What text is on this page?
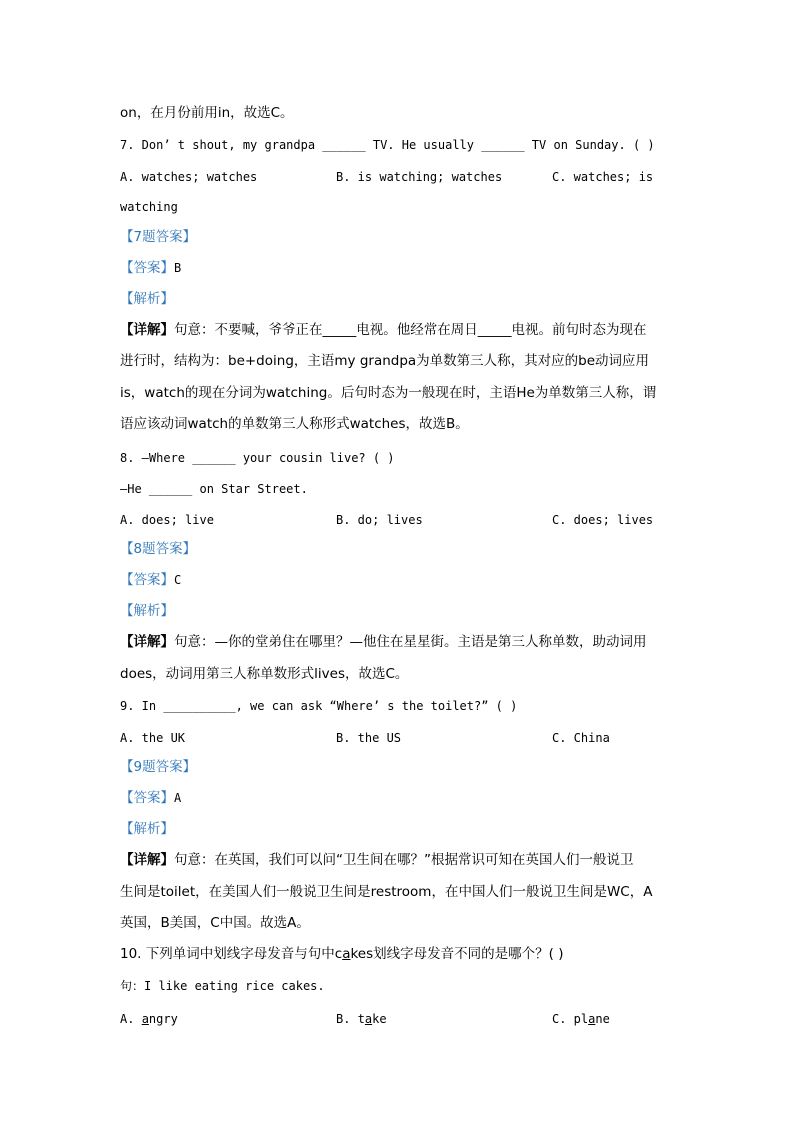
on，在月份前用in，故选C。
7. Don’ t shout, my grandpa ______ TV. He usually ______ TV on Sunday. ( )
A. watches; watches	B. is watching; watches	C. watches; is
watching
【7题答案】
【答案】B
【解析】
【详解】句意：不要喊，爷爷正在_____电视。他经常在周日_____电视。前句时态为现在
进行时，结构为：be+doing，主语my grandpa为单数第三人称，其对应的be动词应用
is，watch的现在分词为watching。后句时态为一般现在时，主语He为单数第三人称，谓
语应该动词watch的单数第三人称形式watches，故选B。
8. —Where ______ your cousin live? ( )
—He ______ on Star Street.
A. does; live	B. do; lives	C. does; lives
【8题答案】
【答案】C
【解析】
【详解】句意：—你的堂弟住在哪里？—他住在星星街。主语是第三人称单数，助动词用
does，动词用第三人称单数形式lives，故选C。
9. In __________, we can ask “Where’ s the toilet?” ( )
A. the UK	B. the US	C. China
【9题答案】
【答案】A
【解析】
【详解】句意：在英国，我们可以问“卫生间在哪？”根据常识可知在英国人们一般说卫
生间是toilet，在美国人们一般说卫生间是restroom，在中国人们一般说卫生间是WC，A
英国，B美国，C中国。故选A。
10. 下列单词中划线字母发音与句中cakes划线字母发音不同的是哪个？( )
句：I like eating rice cakes.
A. angry	B. take	C. plane
